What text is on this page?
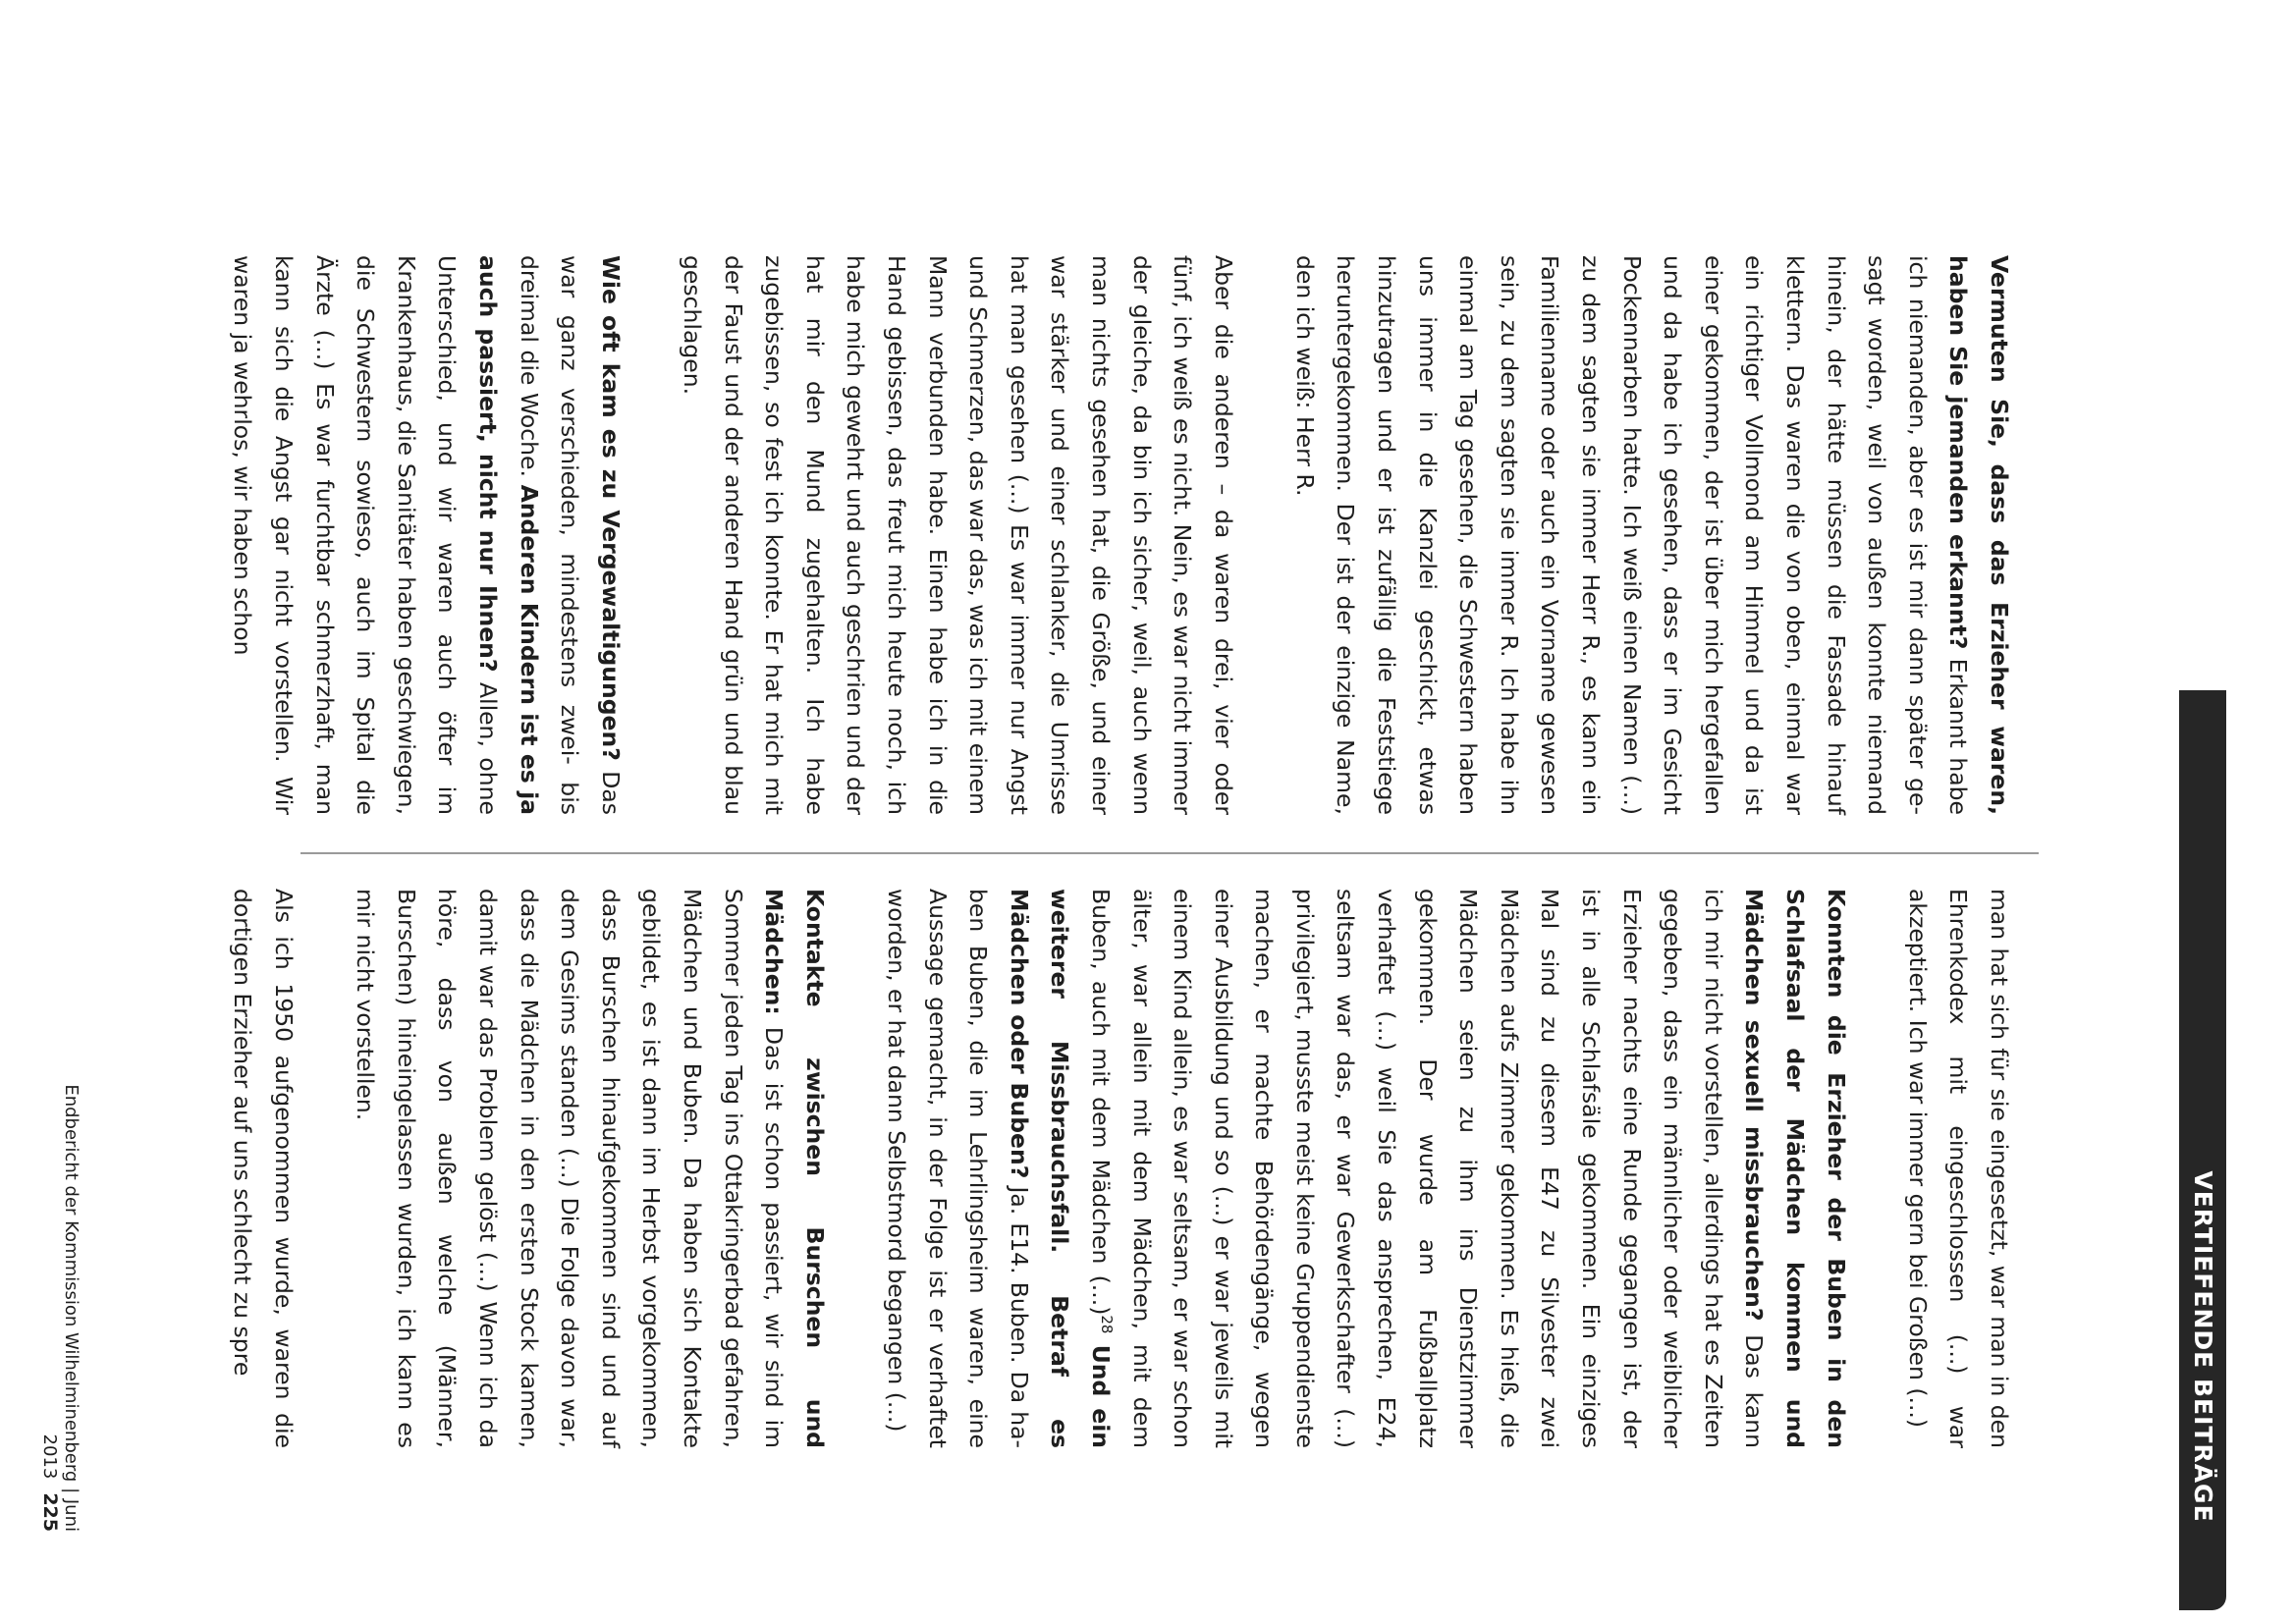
VERTIEFENDE BEITRÄGE

Vermuten Sie, dass das Erzieher waren, haben Sie jemanden erkannt? Erkannt habe ich niemanden, aber es ist mir dann später gesagt worden, weil von außen konnte niemand hinein, der hätte müssen die Fassade hinauf klettern. Das waren die von oben, einmal war ein richtiger Vollmond am Himmel und da ist einer gekommen, der ist über mich hergefallen und da habe ich gesehen, dass er im Gesicht Pockennarben hatte. Ich weiß einen Namen (...) zu dem sagten sie immer Herr R., es kann ein Familienname oder auch ein Vorname gewesen sein, zu dem sagten sie immer R. Ich habe ihn einmal am Tag gesehen, die Schwestern haben uns immer in die Kanzlei geschickt, etwas hinzutragen und er ist zufällig die Feststiege heruntergekommen. Der ist der einzige Name, den ich weiß: Herr R.

Aber die anderen – da waren drei, vier oder fünf, ich weiß es nicht. Nein, es war nicht immer der gleiche, da bin ich sicher, weil, auch wenn man nichts gesehen hat, die Größe, und einer war stärker und einer schlanker, die Umrisse hat man gesehen (...) Es war immer nur Angst und Schmerzen, das war das, was ich mit einem Mann verbunden habe. Einen habe ich in die Hand gebissen, das freut mich heute noch, ich habe mich gewehrt und auch geschrien und der hat mir den Mund zugehalten. Ich habe zugebissen, so fest ich konnte. Er hat mich mit der Faust und der anderen Hand grün und blau geschlagen.

Wie oft kam es zu Vergewaltigungen? Das war ganz verschieden, mindestens zwei- bis dreimal die Woche. Anderen Kindern ist es ja auch passiert, nicht nur Ihnen? Allen, ohne Unterschied, und wir waren auch öfter im Krankenhaus, die Sanitäter haben geschwiegen, die Schwestern sowieso, auch im Spital die Ärzte (...) Es war furchtbar schmerzhaft, man kann sich die Angst gar nicht vorstellen. Wir waren ja wehrlos, wir haben schon

man hat sich für sie eingesetzt, war man in den Ehrenkodex mit eingeschlossen (...) war akzeptiert. Ich war immer gern bei Großen (...)

Konnten die Erzieher der Buben in den Schlafsaal der Mädchen kommen und Mädchen sexuell missbrauchen? Das kann ich mir nicht vorstellen, allerdings hat es Zeiten gegeben, dass ein männlicher oder weiblicher Erzieher nachts eine Runde gegangen ist, der ist in alle Schlafsäle gekommen. Ein einziges Mal sind zu diesem E47 zu Silvester zwei Mädchen aufs Zimmer gekommen. Es hieß, die Mädchen seien zu ihm ins Dienstzimmer gekommen. Der wurde am Fußballplatz verhaftet (...) weil Sie das ansprechen, E24, seltsam war das, er war Gewerkschafter (...) privilegiert, musste meist keine Gruppendienste machen, er machte Behördengänge, wegen einer Ausbildung und so (...) er war jeweils mit einem Kind allein, es war seltsam, er war schon älter, war allein mit dem Mädchen, mit dem Buben, auch mit dem Mädchen (...)$^{28}$ Und ein weiterer Missbrauchsfall. Betraf es Mädchen oder Buben? Ja. E14. Buben. Da haben Buben, die im Lehrlingsheim waren, eine Aussage gemacht, in der Folge ist er verhaftet worden, er hat dann Selbstmord begangen (...)

Kontakte zwischen Burschen und Mädchen: Das ist schon passiert, wir sind im Sommer jeden Tag ins Ottakringerbad gefahren, Mädchen und Buben. Da haben sich Kontakte gebildet, es ist dann im Herbst vorgekommen, dass Burschen hinaufgekommen sind und auf dem Gesims standen (...) Die Folge davon war, dass die Mädchen in den ersten Stock kamen, damit war das Problem gelöst (...) Wenn ich da höre, dass von außen welche (Männer, Burschen) hineingelassen wurden, ich kann es mir nicht vorstellen.

Als ich 1950 aufgenommen wurde, waren die dortigen Erzieher auf uns schlecht zu spre

Endbericht der Kommission Wilhelminenberg | Juni 2013225
